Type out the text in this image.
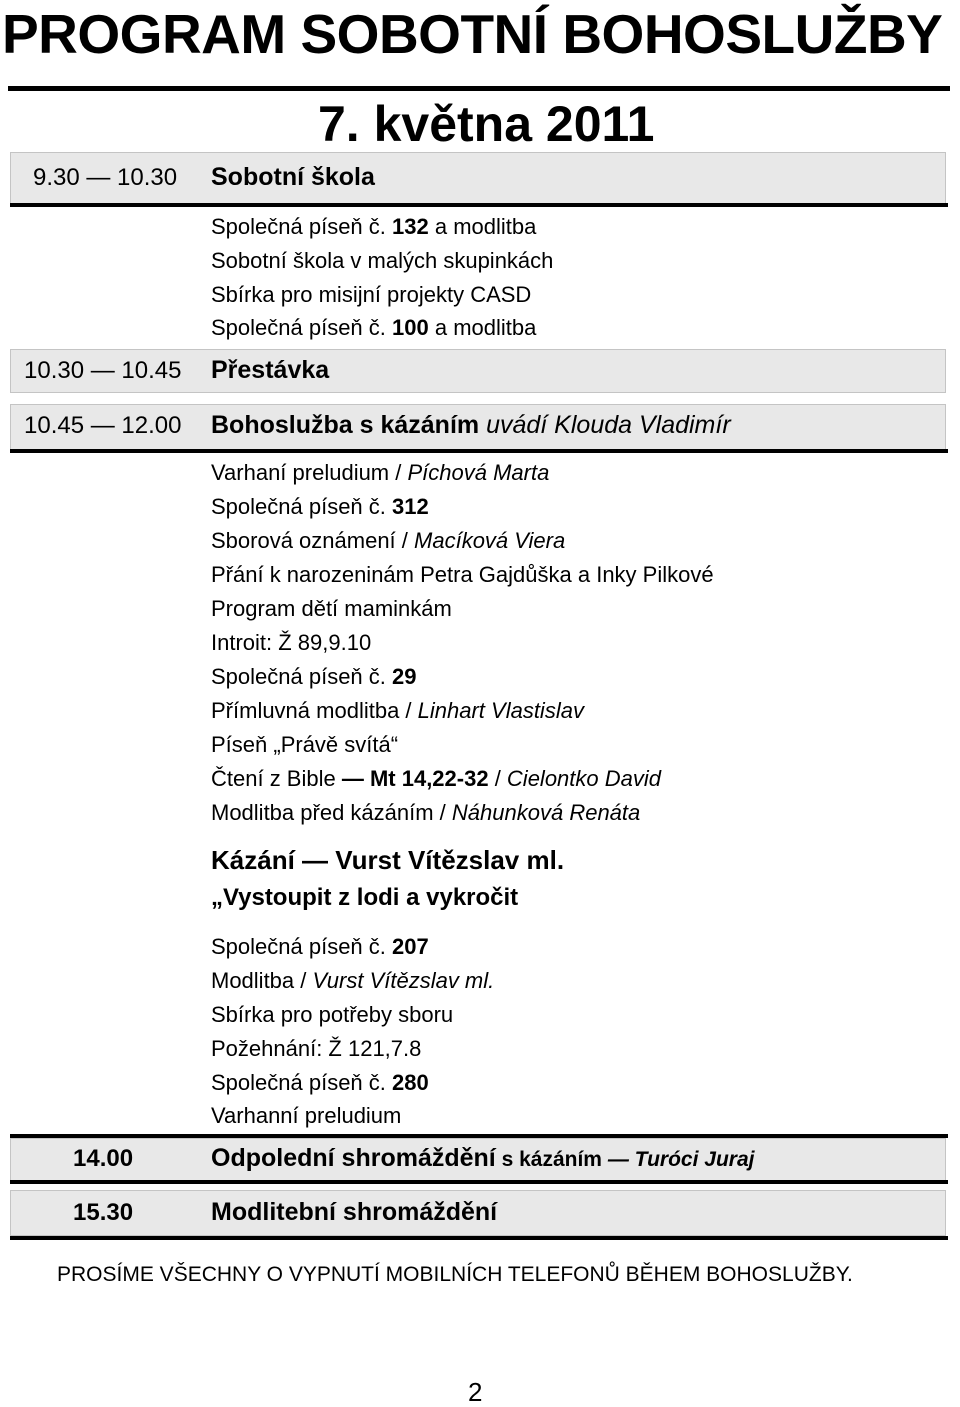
PROGRAM SOBOTNÍ BOHOSLUŽBY
7. května 2011
9.30 — 10.30 Sobotní škola
Společná píseň č. 132 a modlitba
Sobotní škola v malých skupinkách
Sbírka pro misijní projekty CASD
Společná píseň č. 100 a modlitba
10.30 — 10.45 Přestávka
10.45 — 12.00 Bohoslužba s kázáním uvádí Klouda Vladimír
Varhaní preludium / Píchová Marta
Společná píseň č. 312
Sborová oznámení / Macíková Viera
Přání k narozeninám Petra Gajdůška a Inky Pilkové
Program dětí maminkám
Introit: Ž 89,9.10
Společná píseň č. 29
Přímluvná modlitba / Linhart Vlastislav
Píseň „Právě svítá“
Čtení z Bible — Mt 14,22-32 / Cielontko David
Modlitba před kázáním / Náhunková Renáta
Kázání — Vurst Vítězslav ml.
„Vystoupit z lodi a vykročit
Společná píseň č. 207
Modlitba / Vurst Vítězslav ml.
Sbírka pro potřeby sboru
Požehnání: Ž 121,7.8
Společná píseň č. 280
Varhanní preludium
14.00	Odpolední shromáždění s kázáním — Turóci Juraj
15.30	Modlitební shromáždění
PROSÍME VŠECHNY O VYPNUTÍ MOBILNÍCH TELEFONŮ BĚHEM BOHOSLUŽBY.
2
